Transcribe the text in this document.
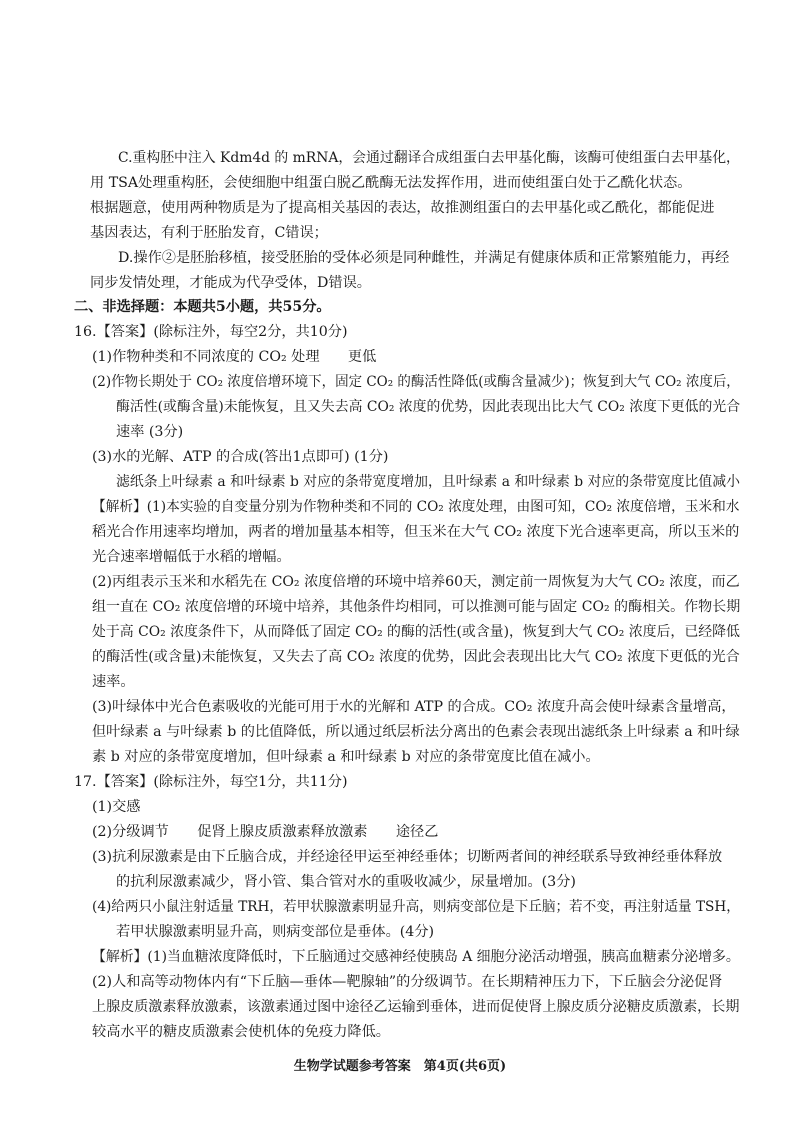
C.重构胚中注入 Kdm4d 的 mRNA，会通过翻译合成组蛋白去甲基化酶，该酶可使组蛋白去甲基化，
用 TSA处理重构胚，会使细胞中组蛋白脱乙酰酶无法发挥作用，进而使组蛋白处于乙酰化状态。
根据题意，使用两种物质是为了提高相关基因的表达，故推测组蛋白的去甲基化或乙酰化，都能促进
基因表达，有利于胚胎发育，C错误；
D.操作②是胚胎移植，接受胚胎的受体必须是同种雌性，并满足有健康体质和正常繁殖能力，再经
同步发情处理，才能成为代孕受体，D错误。
二、非选择题：本题共5小题，共55分。
16.【答案】(除标注外，每空2分，共10分)
(1)作物种类和不同浓度的 CO₂ 处理　　更低
(2)作物长期处于 CO₂ 浓度倍增环境下，固定 CO₂ 的酶活性降低(或酶含量减少)；恢复到大气 CO₂ 浓度后，
酶活性(或酶含量)未能恢复，且又失去高 CO₂ 浓度的优势，因此表现出比大气 CO₂ 浓度下更低的光合
速率 (3分)
(3)水的光解、ATP 的合成(答出1点即可) (1分)
滤纸条上叶绿素 a 和叶绿素 b 对应的条带宽度增加，且叶绿素 a 和叶绿素 b 对应的条带宽度比值减小
【解析】(1)本实验的自变量分别为作物种类和不同的 CO₂ 浓度处理，由图可知，CO₂ 浓度倍增，玉米和水
稻光合作用速率均增加，两者的增加量基本相等，但玉米在大气 CO₂ 浓度下光合速率更高，所以玉米的
光合速率增幅低于水稻的增幅。
(2)丙组表示玉米和水稻先在 CO₂ 浓度倍增的环境中培养60天，测定前一周恢复为大气 CO₂ 浓度，而乙
组一直在 CO₂ 浓度倍增的环境中培养，其他条件均相同，可以推测可能与固定 CO₂ 的酶相关。作物长期
处于高 CO₂ 浓度条件下，从而降低了固定 CO₂ 的酶的活性(或含量)，恢复到大气 CO₂ 浓度后，已经降低
的酶活性(或含量)未能恢复，又失去了高 CO₂ 浓度的优势，因此会表现出比大气 CO₂ 浓度下更低的光合
速率。
(3)叶绿体中光合色素吸收的光能可用于水的光解和 ATP 的合成。CO₂ 浓度升高会使叶绿素含量增高，
但叶绿素 a 与叶绿素 b 的比值降低，所以通过纸层析法分离出的色素会表现出滤纸条上叶绿素 a 和叶绿
素 b 对应的条带宽度增加，但叶绿素 a 和叶绿素 b 对应的条带宽度比值在减小。
17.【答案】(除标注外，每空1分，共11分)
(1)交感
(2)分级调节　　促肾上腺皮质激素释放激素　　途径乙
(3)抗利尿激素是由下丘脑合成，并经途径甲运至神经垂体；切断两者间的神经联系导致神经垂体释放
的抗利尿激素减少，肾小管、集合管对水的重吸收减少，尿量增加。(3分)
(4)给两只小鼠注射适量 TRH，若甲状腺激素明显升高，则病变部位是下丘脑；若不变，再注射适量 TSH，
若甲状腺激素明显升高，则病变部位是垂体。(4分)
【解析】(1)当血糖浓度降低时，下丘脑通过交感神经使胰岛 A 细胞分泌活动增强，胰高血糖素分泌增多。
(2)人和高等动物体内有“下丘脑—垂体—靶腺轴”的分级调节。在长期精神压力下，下丘脑会分泌促肾
上腺皮质激素释放激素，该激素通过图中途径乙运输到垂体，进而促使肾上腺皮质分泌糖皮质激素，长期
较高水平的糖皮质激素会使机体的免疫力降低。
生物学试题参考答案　第4页(共6页)
